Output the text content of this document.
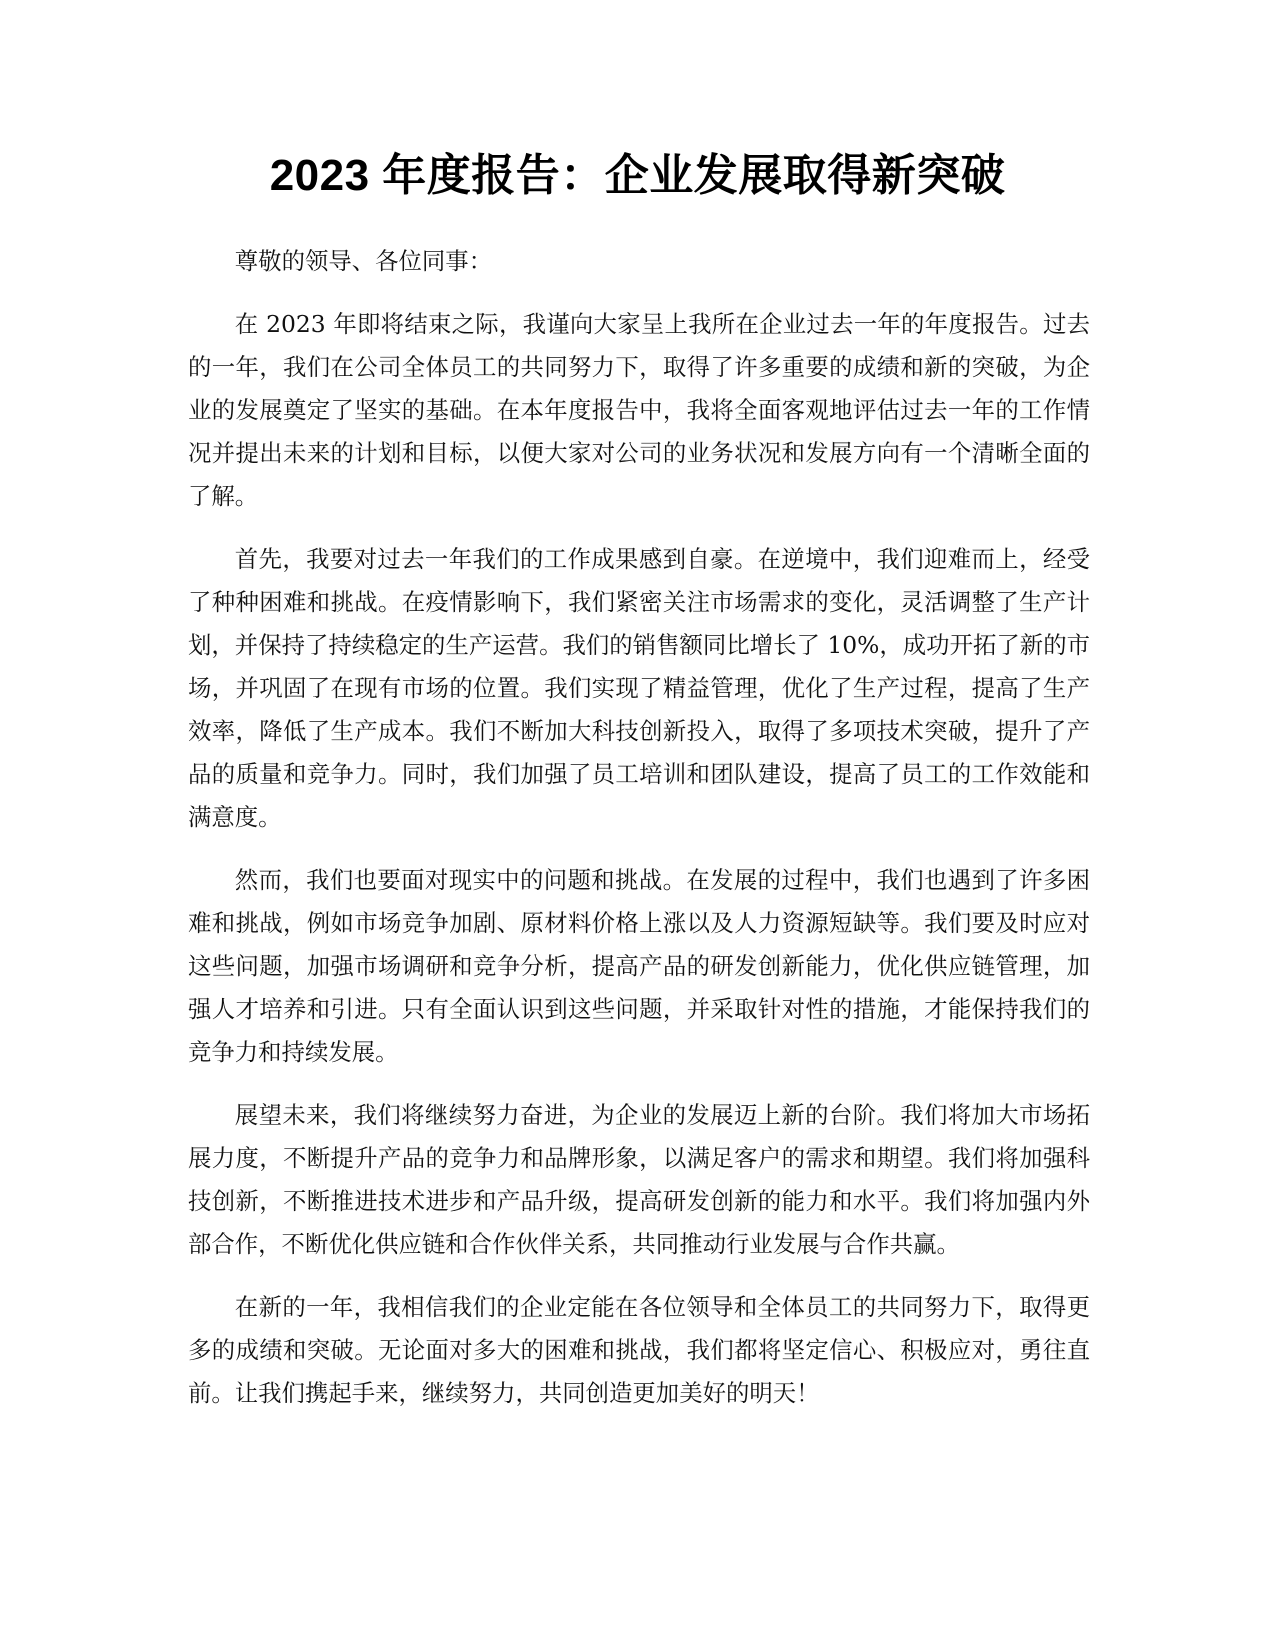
2023 年度报告：企业发展取得新突破

尊敬的领导、各位同事：

在 2023 年即将结束之际，我谨向大家呈上我所在企业过去一年的年度报告。过去的一年，我们在公司全体员工的共同努力下，取得了许多重要的成绩和新的突破，为企业的发展奠定了坚实的基础。在本年度报告中，我将全面客观地评估过去一年的工作情况并提出未来的计划和目标，以便大家对公司的业务状况和发展方向有一个清晰全面的了解。

首先，我要对过去一年我们的工作成果感到自豪。在逆境中，我们迎难而上，经受了种种困难和挑战。在疫情影响下，我们紧密关注市场需求的变化，灵活调整了生产计划，并保持了持续稳定的生产运营。我们的销售额同比增长了 10%，成功开拓了新的市场，并巩固了在现有市场的位置。我们实现了精益管理，优化了生产过程，提高了生产效率，降低了生产成本。我们不断加大科技创新投入，取得了多项技术突破，提升了产品的质量和竞争力。同时，我们加强了员工培训和团队建设，提高了员工的工作效能和满意度。

然而，我们也要面对现实中的问题和挑战。在发展的过程中，我们也遇到了许多困难和挑战，例如市场竞争加剧、原材料价格上涨以及人力资源短缺等。我们要及时应对这些问题，加强市场调研和竞争分析，提高产品的研发创新能力，优化供应链管理，加强人才培养和引进。只有全面认识到这些问题，并采取针对性的措施，才能保持我们的竞争力和持续发展。

展望未来，我们将继续努力奋进，为企业的发展迈上新的台阶。我们将加大市场拓展力度，不断提升产品的竞争力和品牌形象，以满足客户的需求和期望。我们将加强科技创新，不断推进技术进步和产品升级，提高研发创新的能力和水平。我们将加强内外部合作，不断优化供应链和合作伙伴关系，共同推动行业发展与合作共赢。

在新的一年，我相信我们的企业定能在各位领导和全体员工的共同努力下，取得更多的成绩和突破。无论面对多大的困难和挑战，我们都将坚定信心、积极应对，勇往直前。让我们携起手来，继续努力，共同创造更加美好的明天！
